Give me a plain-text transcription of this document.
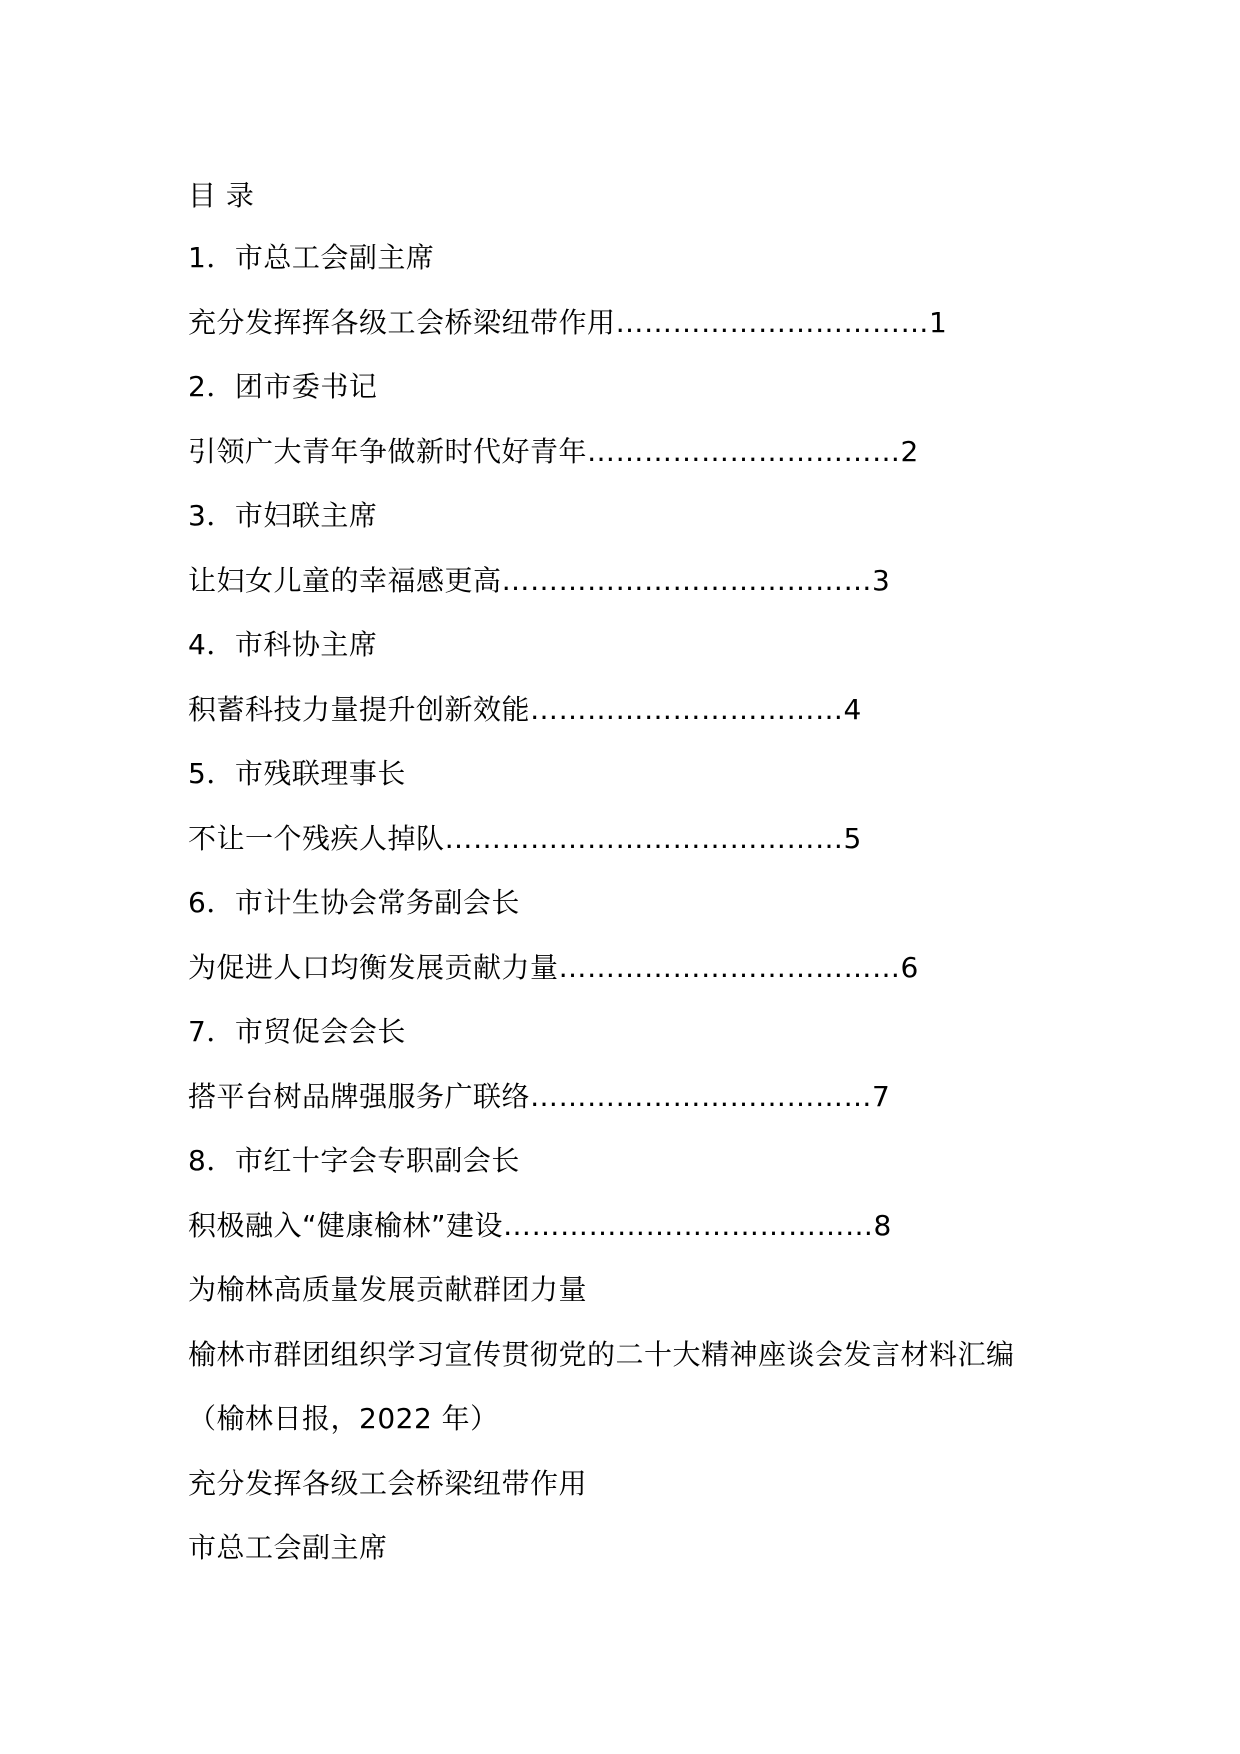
目 录
1．市总工会副主席
充分发挥挥各级工会桥梁纽带作用……………………………1
2．团市委书记
引领广大青年争做新时代好青年……………………………2
3．市妇联主席
让妇女儿童的幸福感更高…………………………………3
4．市科协主席
积蓄科技力量提升创新效能……………………………4
5．市残联理事长
不让一个残疾人掉队……………………………………5
6．市计生协会常务副会长
为促进人口均衡发展贡献力量………………………………6
7．市贸促会会长
搭平台树品牌强服务广联络………………………………7
8．市红十字会专职副会长
积极融入“健康榆林”建设…………………………………8
为榆林高质量发展贡献群团力量
榆林市群团组织学习宣传贯彻党的二十大精神座谈会发言材料汇编
（榆林日报，2022 年）
充分发挥各级工会桥梁纽带作用
市总工会副主席
